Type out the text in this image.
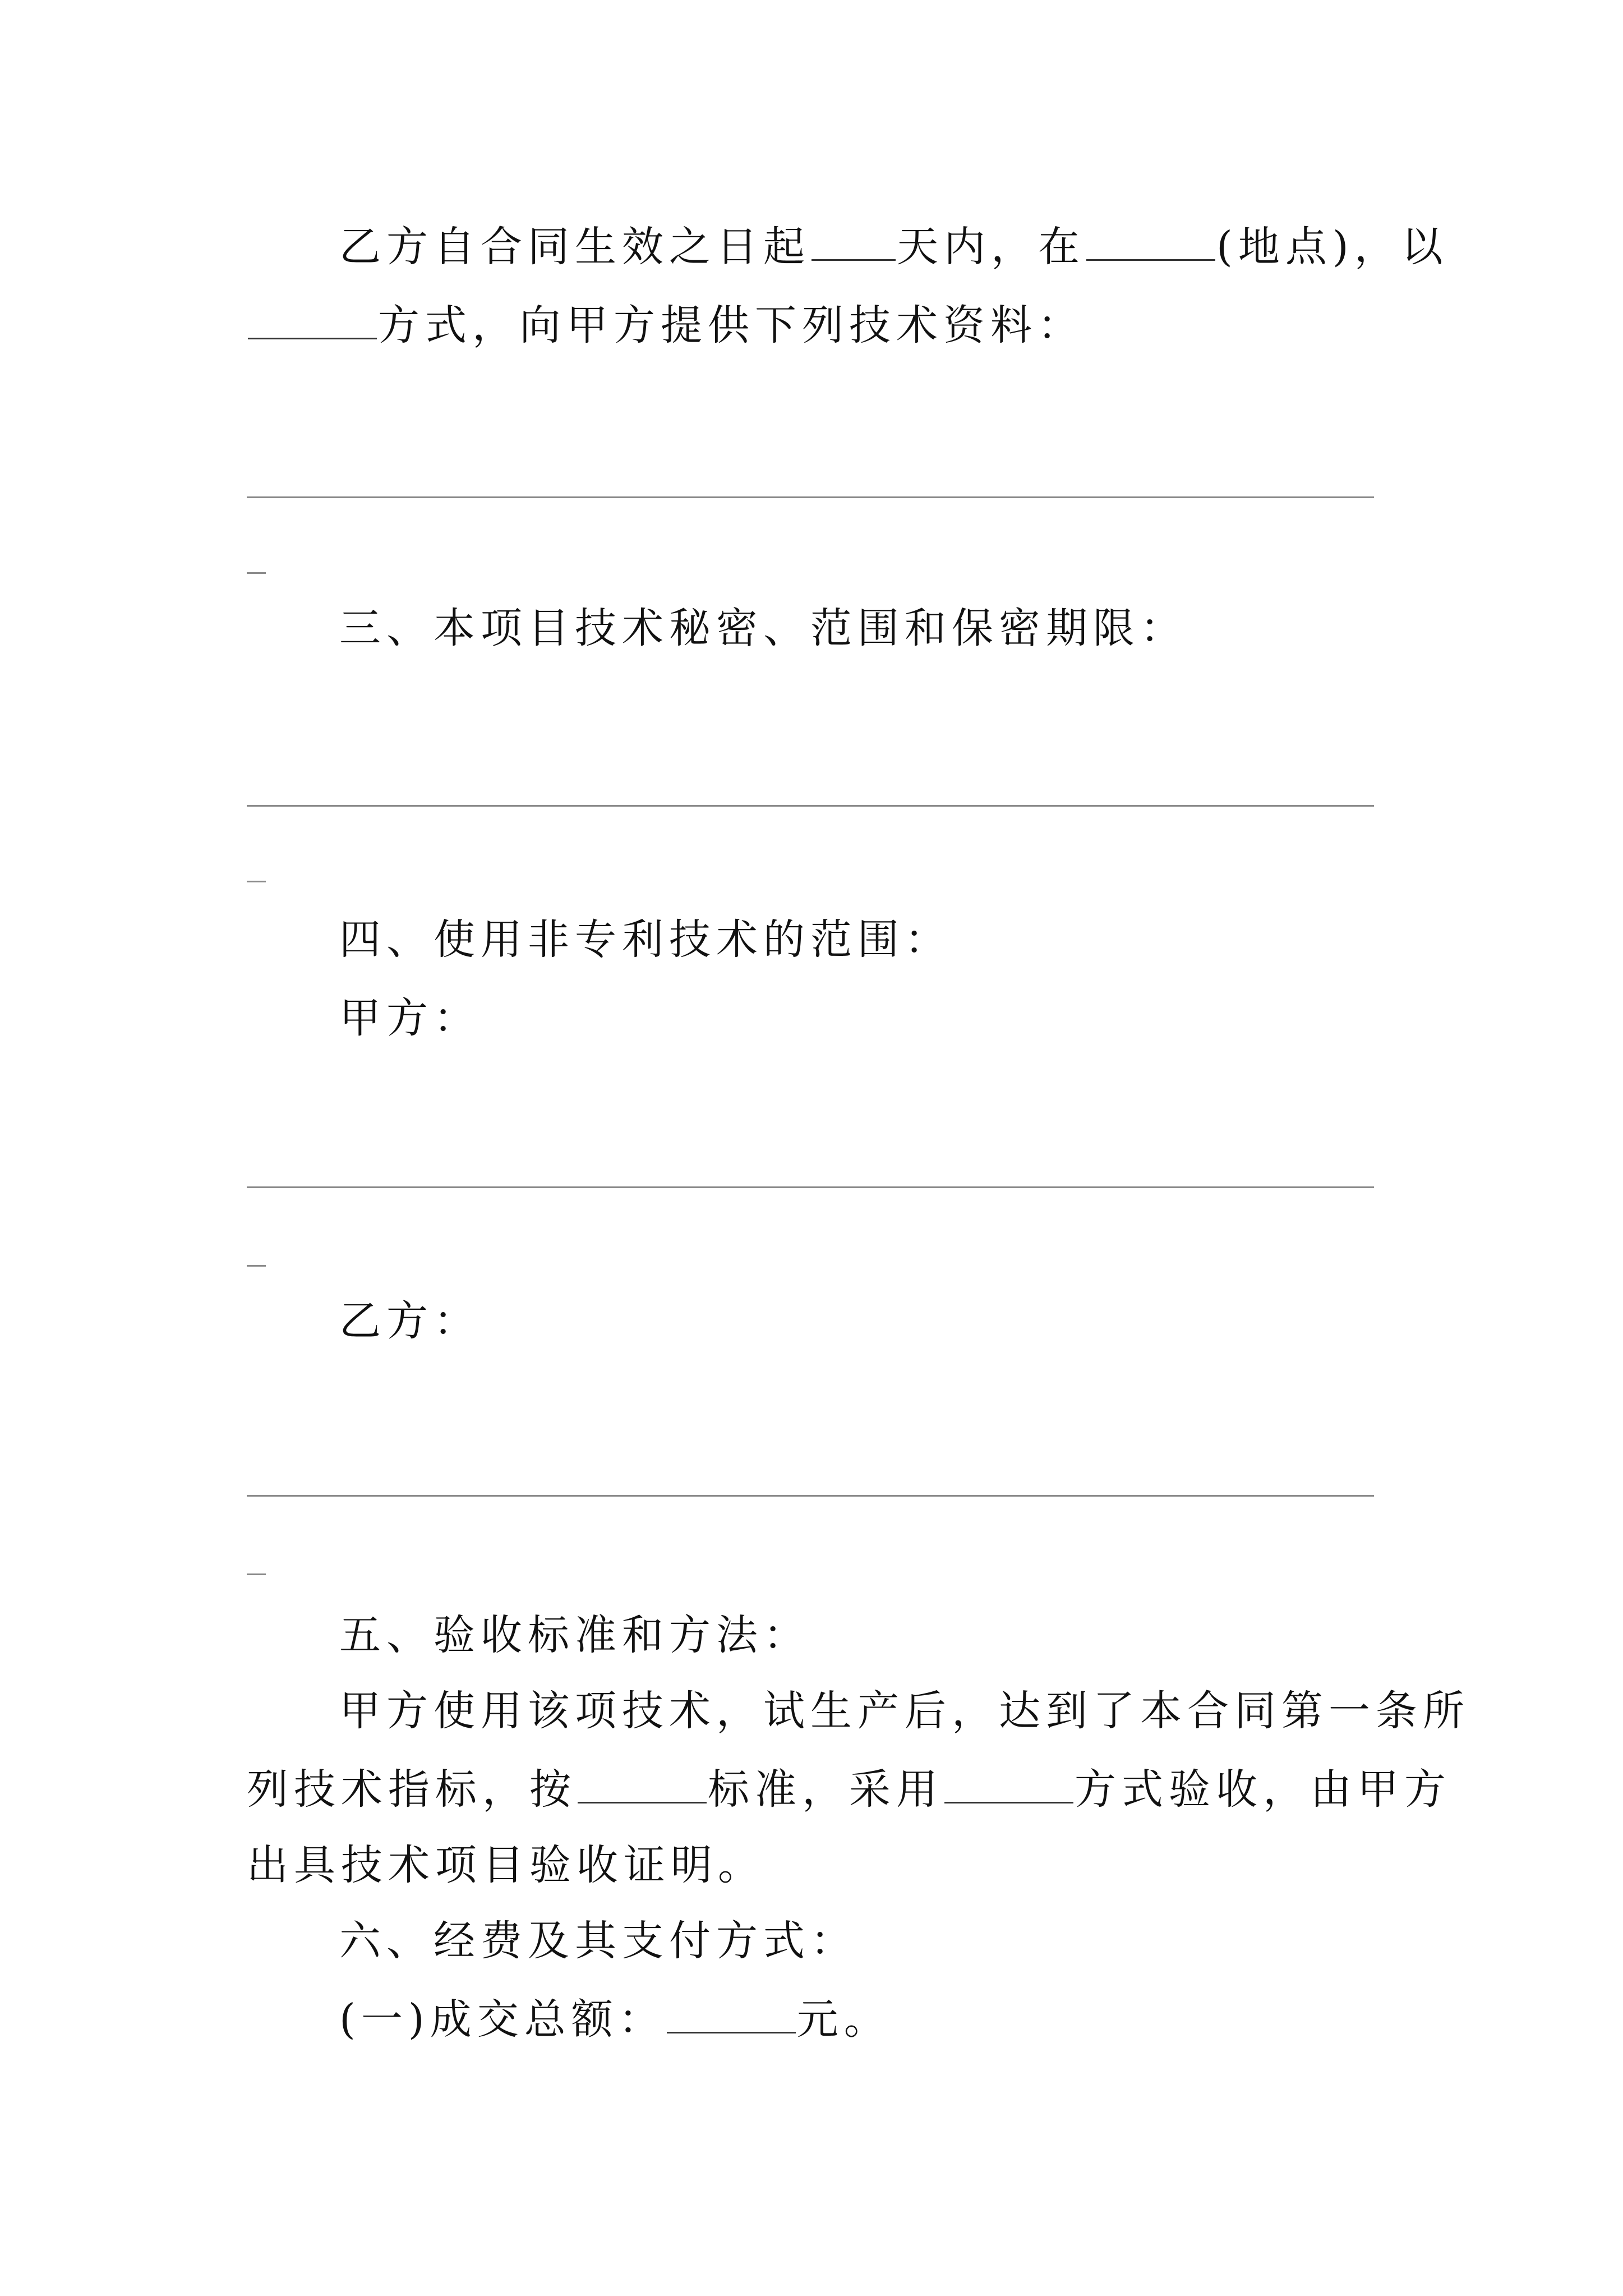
乙方自合同生效之日起 天内，在	(地点)，以
方式，向甲方提供下列技术资料：
三、本项目技术秘密、范围和保密期限：
四、使用非专利技术的范围：
甲方：
乙方：
五、验收标准和方法：
甲方使用该项技术，试生产后，达到了本合同第一条所
列技术指标，按	标准，采用	方式验收，由甲方
出具技术项目验收证明。
六、经费及其支付方式：
(一)成交总额：	元。
